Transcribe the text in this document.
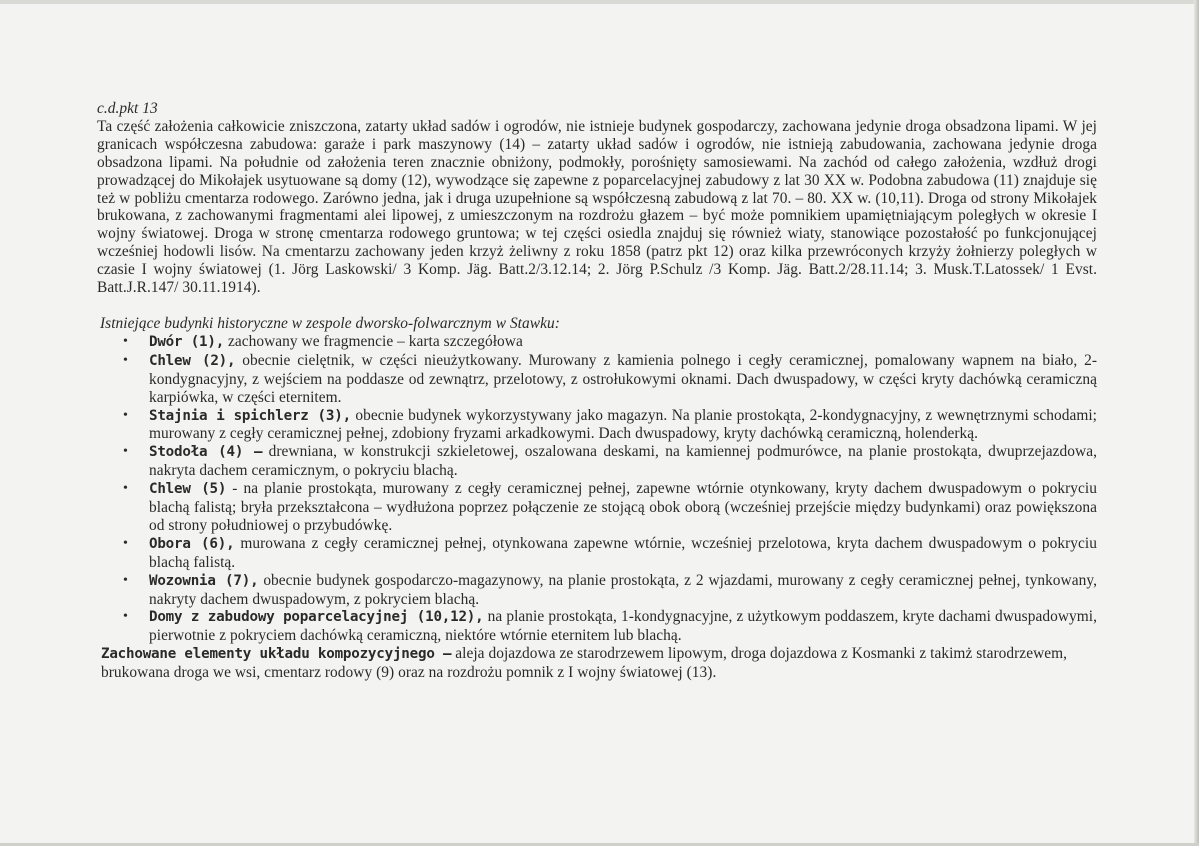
c.d.pkt 13

Ta część założenia całkowicie zniszczona, zatarty układ sadów i ogrodów, nie istnieje budynek gospodarczy, zachowana jedynie droga obsadzona lipami. W jej granicach współczesna zabudowa: garaże i park maszynowy (14) – zatarty układ sadów i ogrodów, nie istnieją zabudowania, zachowana jedynie droga obsadzona lipami. Na południe od założenia teren znacznie obniżony, podmokły, porośnięty samosiewami. Na zachód od całego założenia, wzdłuż drogi prowadzącej do Mikołajek usytuowane są domy (12), wywodzące się zapewne z poparcelacyjnej zabudowy z lat 30 XX w. Podobna zabudowa (11) znajduje się też w pobliżu cmentarza rodowego. Zarówno jedna, jak i druga uzupełnione są współczesną zabudową z lat 70. – 80. XX w. (10,11). Droga od strony Mikołajek brukowana, z zachowanymi fragmentami alei lipowej, z umieszczonym na rozdrożu głazem – być może pomnikiem upamiętniającym poległych w okresie I wojny światowej. Droga w stronę cmentarza rodowego gruntowa; w tej części osiedla znajduj się również wiaty, stanowiące pozostałość po funkcjonującej wcześniej hodowli lisów. Na cmentarzu zachowany jeden krzyż żeliwny z roku 1858 (patrz pkt 12) oraz kilka przewróconych krzyży żołnierzy poległych w czasie I wojny światowej (1. Jörg Laskowski/ 3 Komp. Jäg. Batt.2/3.12.14; 2. Jörg P.Schulz /3 Komp. Jäg. Batt.2/28.11.14; 3. Musk.T.Latossek/ 1 Evst. Batt.J.R.147/ 30.11.1914).

Istniejące budynki historyczne w zespole dworsko-folwarcznym w Stawku:
• Dwór (1), zachowany we fragmencie – karta szczegółowa
• Chlew (2), obecnie cielętnik, w części nieużytkowany. Murowany z kamienia polnego i cegły ceramicznej, pomalowany wapnem na biało, 2-kondygnacyjny, z wejściem na poddasze od zewnątrz, przelotowy, z ostrołukowymi oknami. Dach dwuspadowy, w części kryty dachówką ceramiczną karpiówka, w części eternitem.
• Stajnia i spichlerz (3), obecnie budynek wykorzystywany jako magazyn. Na planie prostokąta, 2-kondygnacyjny, z wewnętrznymi schodami; murowany z cegły ceramicznej pełnej, zdobiony fryzami arkadkowymi. Dach dwuspadowy, kryty dachówką ceramiczną, holenderką.
• Stodoła (4) – drewniana, w konstrukcji szkieletowej, oszalowana deskami, na kamiennej podmurówce, na planie prostokąta, dwuprzejazdowa, nakryta dachem ceramicznym, o pokryciu blachą.
• Chlew (5) - na planie prostokąta, murowany z cegły ceramicznej pełnej, zapewne wtórnie otynkowany, kryty dachem dwuspadowym o pokryciu blachą falistą; bryła przekształcona – wydłużona poprzez połączenie ze stojącą obok oborą (wcześniej przejście między budynkami) oraz powiększona od strony południowej o przybudówkę.
• Obora (6), murowana z cegły ceramicznej pełnej, otynkowana zapewne wtórnie, wcześniej przelotowa, kryta dachem dwuspadowym o pokryciu blachą falistą.
• Wozownia (7), obecnie budynek gospodarczo-magazynowy, na planie prostokąta, z 2 wjazdami, murowany z cegły ceramicznej pełnej, tynkowany, nakryty dachem dwuspadowym, z pokryciem blachą.
• Domy z zabudowy poparcelacyjnej (10,12), na planie prostokąta, 1-kondygnacyjne, z użytkowym poddaszem, kryte dachami dwuspadowymi, pierwotnie z pokryciem dachówką ceramiczną, niektóre wtórnie eternitem lub blachą.

Zachowane elementy układu kompozycyjnego – aleja dojazdowa ze starodrzewem lipowym, droga dojazdowa z Kosmanki z takimż starodrzewem, brukowana droga we wsi, cmentarz rodowy (9) oraz na rozdrożu pomnik z I wojny światowej (13).
